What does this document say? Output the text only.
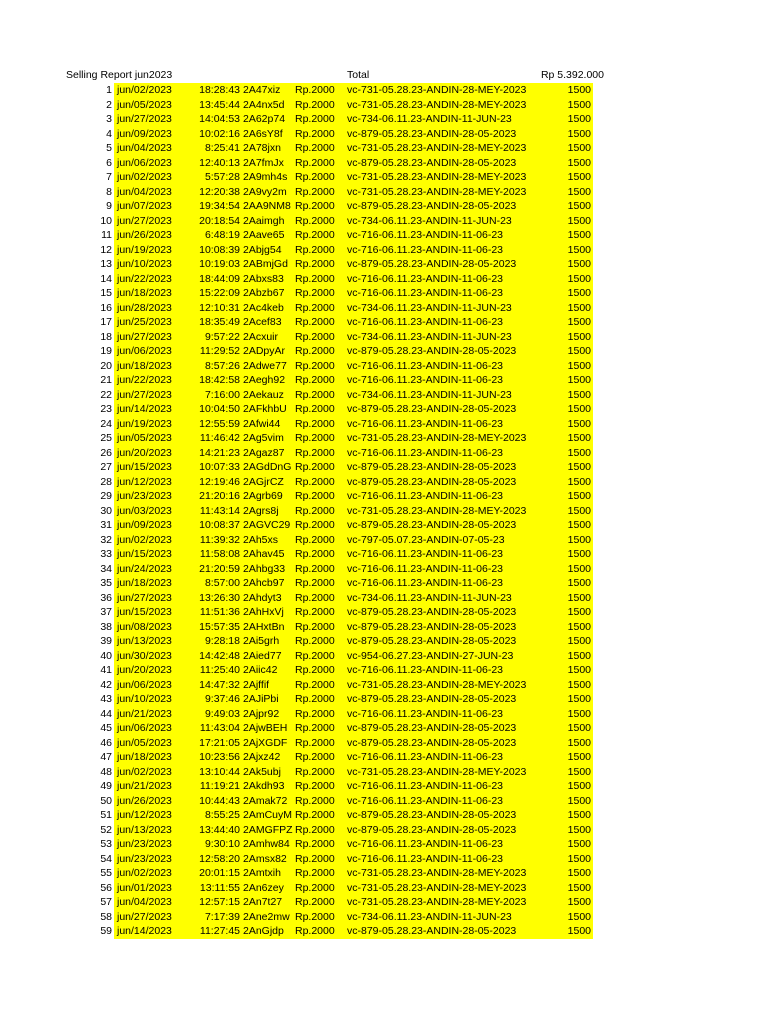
Selling Report jun2023	Total	Rp 5.392.000
1 jun/02/2023	18:28:43 2A47xiz Rp.2000 vc-731-05.28.23-ANDIN-28-MEY-2023	1500
2 jun/05/2023	13:45:44 2A4nx5d Rp.2000 vc-731-05.28.23-ANDIN-28-MEY-2023	1500
3 jun/27/2023	14:04:53 2A62p74 Rp.2000 vc-734-06.11.23-ANDIN-11-JUN-23	1500
4 jun/09/2023	10:02:16 2A6sY8f Rp.2000 vc-879-05.28.23-ANDIN-28-05-2023	1500
5 jun/04/2023	8:25:41 2A78jxn Rp.2000 vc-731-05.28.23-ANDIN-28-MEY-2023	1500
6 jun/06/2023	12:40:13 2A7fmJx Rp.2000 vc-879-05.28.23-ANDIN-28-05-2023	1500
7 jun/02/2023	5:57:28 2A9mh4s Rp.2000 vc-731-05.28.23-ANDIN-28-MEY-2023	1500
8 jun/04/2023	12:20:38 2A9vy2m Rp.2000 vc-731-05.28.23-ANDIN-28-MEY-2023	1500
9 jun/07/2023	19:34:54 2AA9NM8 Rp.2000 vc-879-05.28.23-ANDIN-28-05-2023	1500
10 jun/27/2023	20:18:54 2Aaimgh Rp.2000 vc-734-06.11.23-ANDIN-11-JUN-23	1500
11 jun/26/2023	6:48:19 2Aave65 Rp.2000 vc-716-06.11.23-ANDIN-11-06-23	1500
12 jun/19/2023	10:08:39 2Abjg54 Rp.2000 vc-716-06.11.23-ANDIN-11-06-23	1500
13 jun/10/2023	10:19:03 2ABmjGd Rp.2000 vc-879-05.28.23-ANDIN-28-05-2023	1500
14 jun/22/2023	18:44:09 2Abxs83 Rp.2000 vc-716-06.11.23-ANDIN-11-06-23	1500
15 jun/18/2023	15:22:09 2Abzb67 Rp.2000 vc-716-06.11.23-ANDIN-11-06-23	1500
16 jun/28/2023	12:10:31 2Ac4keb Rp.2000 vc-734-06.11.23-ANDIN-11-JUN-23	1500
17 jun/25/2023	18:35:49 2Acef83 Rp.2000 vc-716-06.11.23-ANDIN-11-06-23	1500
18 jun/27/2023	9:57:22 2Acxuir Rp.2000 vc-734-06.11.23-ANDIN-11-JUN-23	1500
19 jun/06/2023	11:29:52 2ADpyAr Rp.2000 vc-879-05.28.23-ANDIN-28-05-2023	1500
20 jun/18/2023	8:57:26 2Adwe77 Rp.2000 vc-716-06.11.23-ANDIN-11-06-23	1500
21 jun/22/2023	18:42:58 2Aegh92 Rp.2000 vc-716-06.11.23-ANDIN-11-06-23	1500
22 jun/27/2023	7:16:00 2Aekauz Rp.2000 vc-734-06.11.23-ANDIN-11-JUN-23	1500
23 jun/14/2023	10:04:50 2AFkhbU Rp.2000 vc-879-05.28.23-ANDIN-28-05-2023	1500
24 jun/19/2023	12:55:59 2Afwi44 Rp.2000 vc-716-06.11.23-ANDIN-11-06-23	1500
25 jun/05/2023	11:46:42 2Ag5vim Rp.2000 vc-731-05.28.23-ANDIN-28-MEY-2023	1500
26 jun/20/2023	14:21:23 2Agaz87 Rp.2000 vc-716-06.11.23-ANDIN-11-06-23	1500
27 jun/15/2023	10:07:33 2AGdDnG Rp.2000 vc-879-05.28.23-ANDIN-28-05-2023	1500
28 jun/12/2023	12:19:46 2AGjrCZ Rp.2000 vc-879-05.28.23-ANDIN-28-05-2023	1500
29 jun/23/2023	21:20:16 2Agrb69 Rp.2000 vc-716-06.11.23-ANDIN-11-06-23	1500
30 jun/03/2023	11:43:14 2Agrs8j Rp.2000 vc-731-05.28.23-ANDIN-28-MEY-2023	1500
31 jun/09/2023	10:08:37 2AGVC29 Rp.2000 vc-879-05.28.23-ANDIN-28-05-2023	1500
32 jun/02/2023	11:39:32 2Ah5xs Rp.2000 vc-797-05.07.23-ANDIN-07-05-23	1500
33 jun/15/2023	11:58:08 2Ahav45 Rp.2000 vc-716-06.11.23-ANDIN-11-06-23	1500
34 jun/24/2023	21:20:59 2Ahbg33 Rp.2000 vc-716-06.11.23-ANDIN-11-06-23	1500
35 jun/18/2023	8:57:00 2Ahcb97 Rp.2000 vc-716-06.11.23-ANDIN-11-06-23	1500
36 jun/27/2023	13:26:30 2Ahdyt3 Rp.2000 vc-734-06.11.23-ANDIN-11-JUN-23	1500
37 jun/15/2023	11:51:36 2AhHxVj Rp.2000 vc-879-05.28.23-ANDIN-28-05-2023	1500
38 jun/08/2023	15:57:35 2AHxtBn Rp.2000 vc-879-05.28.23-ANDIN-28-05-2023	1500
39 jun/13/2023	9:28:18 2Ai5grh Rp.2000 vc-879-05.28.23-ANDIN-28-05-2023	1500
40 jun/30/2023	14:42:48 2Aied77 Rp.2000 vc-954-06.27.23-ANDIN-27-JUN-23	1500
41 jun/20/2023	11:25:40 2Aiic42 Rp.2000 vc-716-06.11.23-ANDIN-11-06-23	1500
42 jun/06/2023	14:47:32 2Ajffif Rp.2000 vc-731-05.28.23-ANDIN-28-MEY-2023	1500
43 jun/10/2023	9:37:46 2AJiPbi Rp.2000 vc-879-05.28.23-ANDIN-28-05-2023	1500
44 jun/21/2023	9:49:03 2Ajpr92 Rp.2000 vc-716-06.11.23-ANDIN-11-06-23	1500
45 jun/06/2023	11:43:04 2AjwBEH Rp.2000 vc-879-05.28.23-ANDIN-28-05-2023	1500
46 jun/05/2023	17:21:05 2AjXGDF Rp.2000 vc-879-05.28.23-ANDIN-28-05-2023	1500
47 jun/18/2023	10:23:56 2Ajxz42 Rp.2000 vc-716-06.11.23-ANDIN-11-06-23	1500
48 jun/02/2023	13:10:44 2Ak5ubj Rp.2000 vc-731-05.28.23-ANDIN-28-MEY-2023	1500
49 jun/21/2023	11:19:21 2Akdh93 Rp.2000 vc-716-06.11.23-ANDIN-11-06-23	1500
50 jun/26/2023	10:44:43 2Amak72 Rp.2000 vc-716-06.11.23-ANDIN-11-06-23	1500
51 jun/12/2023	8:55:25 2AmCuyM Rp.2000 vc-879-05.28.23-ANDIN-28-05-2023	1500
52 jun/13/2023	13:44:40 2AMGFPZ Rp.2000 vc-879-05.28.23-ANDIN-28-05-2023	1500
53 jun/23/2023	9:30:10 2Amhw84 Rp.2000 vc-716-06.11.23-ANDIN-11-06-23	1500
54 jun/23/2023	12:58:20 2Amsx82 Rp.2000 vc-716-06.11.23-ANDIN-11-06-23	1500
55 jun/02/2023	20:01:15 2Amtxih Rp.2000 vc-731-05.28.23-ANDIN-28-MEY-2023	1500
56 jun/01/2023	13:11:55 2An6zey Rp.2000 vc-731-05.28.23-ANDIN-28-MEY-2023	1500
57 jun/04/2023	12:57:15 2An7t27 Rp.2000 vc-731-05.28.23-ANDIN-28-MEY-2023	1500
58 jun/27/2023	7:17:39 2Ane2mw Rp.2000 vc-734-06.11.23-ANDIN-11-JUN-23	1500
59 jun/14/2023	11:27:45 2AnGjdp Rp.2000 vc-879-05.28.23-ANDIN-28-05-2023	1500
